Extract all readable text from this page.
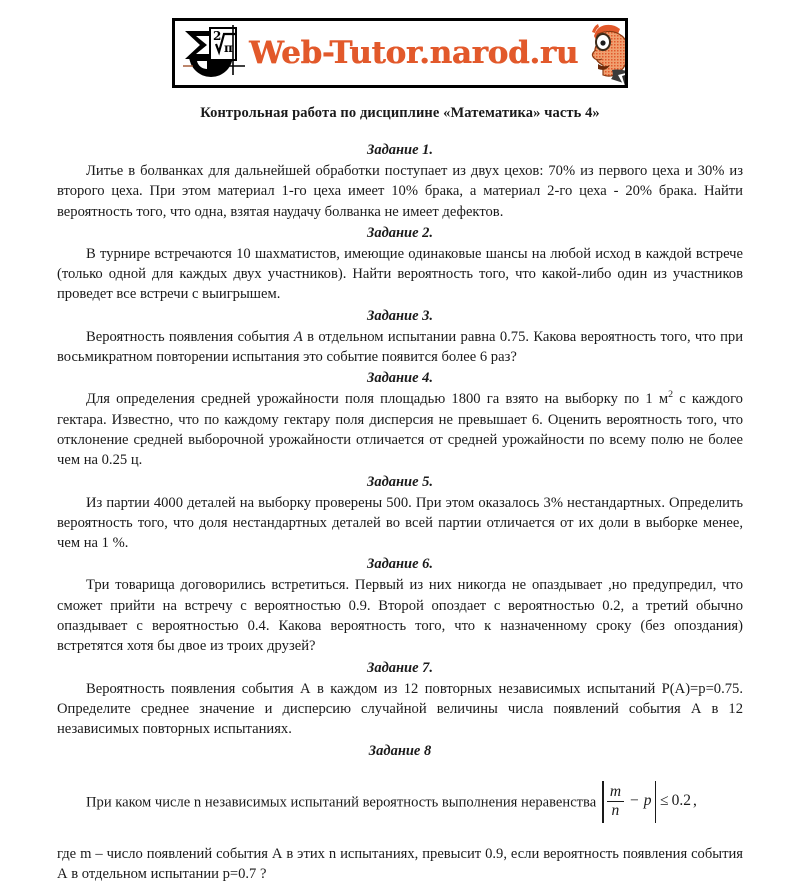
2
π Web-Tutor.narod.ru
Контрольная работа по дисциплине «Математика» часть 4»
Задание 1.

Литье в болванках для дальнейшей обработки поступает из двух цехов: 70% из первого цеха и 30% из второго цеха. При этом материал 1-го цеха имеет 10% брака, а материал 2-го цеха - 20% брака. Найти вероятность того, что одна, взятая наудачу болванка не имеет дефектов.

Задание 2.

В турнире встречаются 10 шахматистов, имеющие одинаковые шансы на любой исход в каждой встрече (только одной для каждых двух участников). Найти вероятность того, что какой-либо один из участников проведет все встречи с выигрышем.

Задание 3.

Вероятность появления события A в отдельном испытании равна 0.75. Какова вероятность того, что при восьмикратном повторении испытания это событие появится более 6 раз?

Задание 4.

Для определения средней урожайности поля площадью 1800 га взято на выборку по 1 $м^2$ с каждого гектара. Известно, что по каждому гектару поля дисперсия не превышает 6. Оценить вероятность того, что отклонение средней выборочной урожайности отличается от средней урожайности по всему полю не более чем на 0.25 ц.

Задание 5.

Из партии 4000 деталей на выборку проверены 500. При этом оказалось 3% нестандартных. Определить вероятность того, что доля нестандартных деталей во всей партии отличается от их доли в выборке менее, чем на 1 %.

Задание 6.

Три товарища договорились встретиться. Первый из них никогда не опаздывает ,но предупредил, что сможет прийти на встречу с вероятностью 0.9. Второй опоздает с вероятностью 0.2, а третий обычно опаздывает с вероятностью 0.4. Какова вероятность того, что к назначенному сроку (без опоздания) встретятся хотя бы двое из троих друзей?

Задание 7.

Вероятность появления события А в каждом из 12 повторных независимых испытаний Р(А)=р=0.75. Определите среднее значение и дисперсию случайной величины числа появлений события А в 12 независимых повторных испытаниях.

Задание 8

При каком числе n независимых испытаний вероятность выполнения неравенства $\frac{m}{n} - p \le 0.2$ ,

где m – число появлений события А в этих n испытаниях, превысит 0.9, если вероятность появления события А в отдельном испытании р=0.7 ?
